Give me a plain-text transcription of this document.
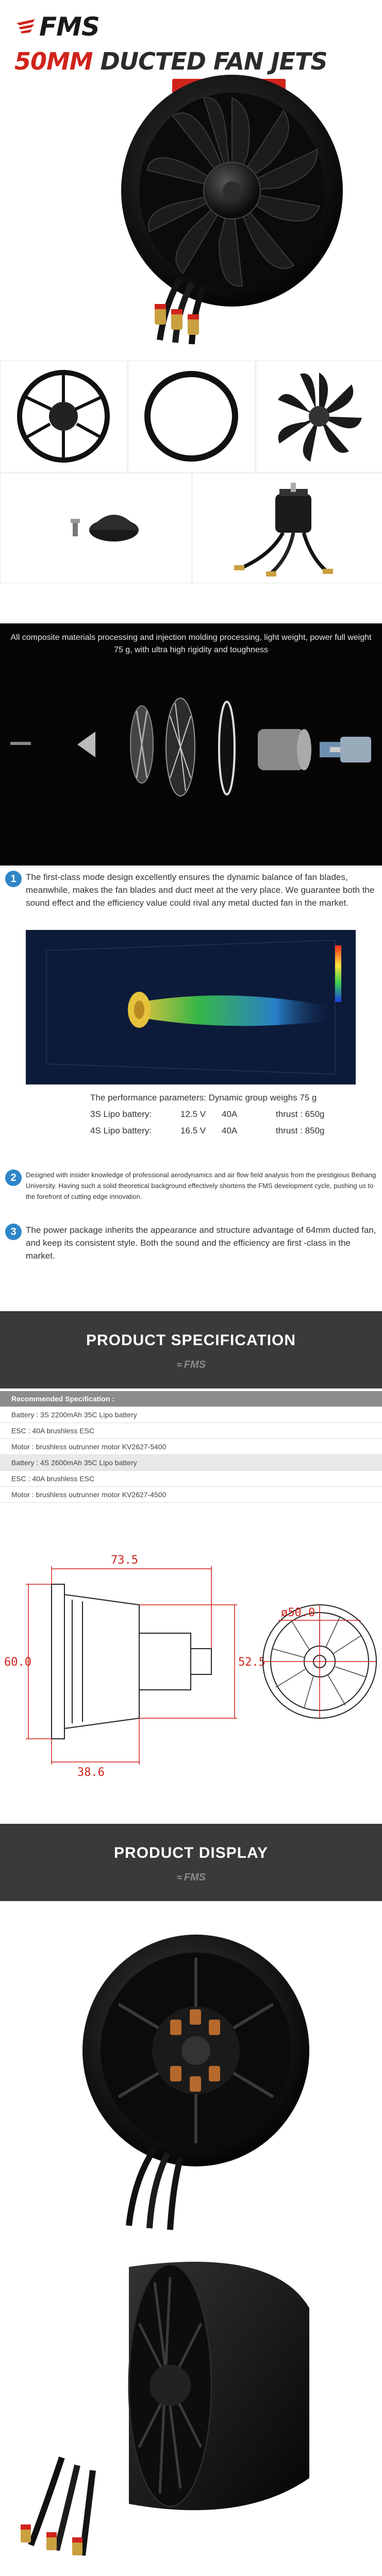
FMS
50MM DUCTED FAN JETS
All composite materials processing and injection molding processing, light weight, power full weight 75 g, with ultra high rigidity and toughness
1	The first-class mode design excellently ensures the dynamic balance of fan blades, meanwhile, makes the fan blades and duct meet at the very place. We guarantee both the sound effect and the efficiency value could rival any metal ducted fan in the market.
The performance parameters: Dynamic group weighs 75 g
3S Lipo battery:	12.5 V	40A	thrust : 650g
4S Lipo battery:	16.5 V	40A	thrust : 850g
2	Designed with insider knowledge of professional aerodynamics and air flow field analysis from the prestigious Beihang University. Having such a solid theoretical background effectively shortens the FMS development cycle, pushing us to the forefront of cutting edge innovation.
3	The power package inherits the appearance and structure advantage of 64mm ducted fan, and keep its consistent style. Both the sound and the efficiency are first -class in the market.
PRODUCT SPECIFICATION
≈ FMS
Recommended Specification :
Battery : 3S 2200mAh 35C Lipo battery
ESC : 40A brushless ESC
Motor : brushless outrunner motor KV2627-5400
Battery : 4S 2600mAh 35C Lipo battery
ESC : 40A brushless ESC
Motor : brushless outrunner motor KV2627-4500
73.5
60.0	52.5
38.6
ø50.0
PRODUCT DISPLAY
≈ FMS
